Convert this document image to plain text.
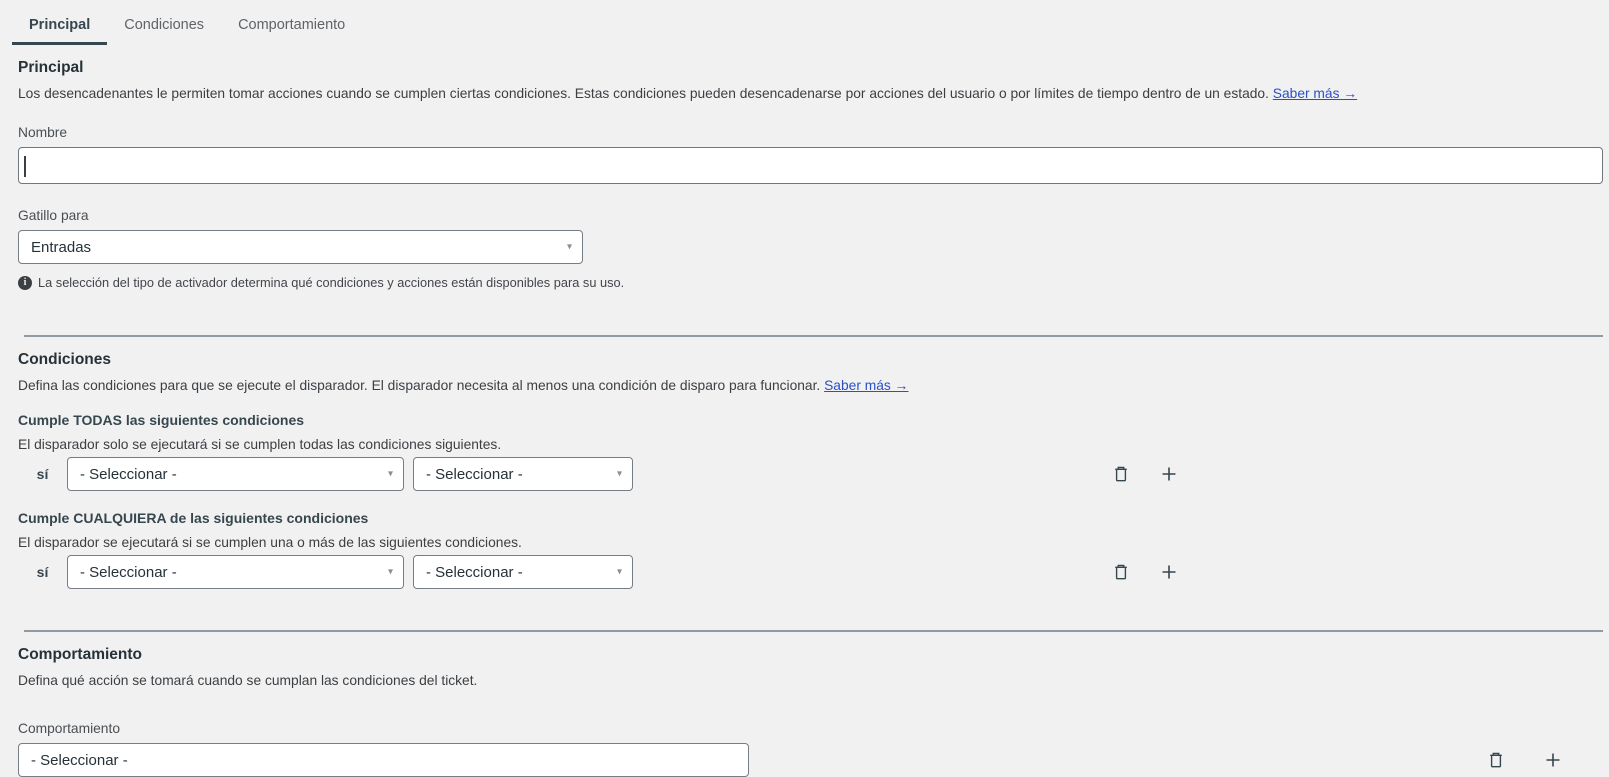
Principal	Condiciones	Comportamiento
Principal
Los desencadenantes le permiten tomar acciones cuando se cumplen ciertas condiciones. Estas condiciones pueden desencadenarse por acciones del usuario o por límites de tiempo dentro de un estado. Saber más →
Nombre
Gatillo para
Entradas	▾
i La selección del tipo de activador determina qué condiciones y acciones están disponibles para su uso.
Condiciones
Defina las condiciones para que se ejecute el disparador. El disparador necesita al menos una condición de disparo para funcionar. Saber más →
Cumple TODAS las siguientes condiciones
El disparador solo se ejecutará si se cumplen todas las condiciones siguientes.
sí	- Seleccionar -	▾ - Seleccionar -	▾
Cumple CUALQUIERA de las siguientes condiciones
El disparador se ejecutará si se cumplen una o más de las siguientes condiciones.
sí	- Seleccionar -	▾ - Seleccionar -	▾
Comportamiento
Defina qué acción se tomará cuando se cumplan las condiciones del ticket.
Comportamiento
- Seleccionar -
